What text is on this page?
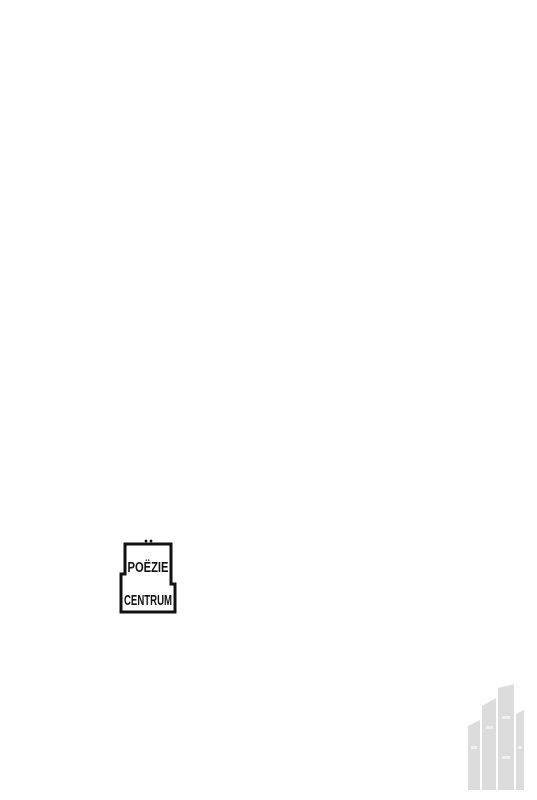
POËZIE
CENTRUM
